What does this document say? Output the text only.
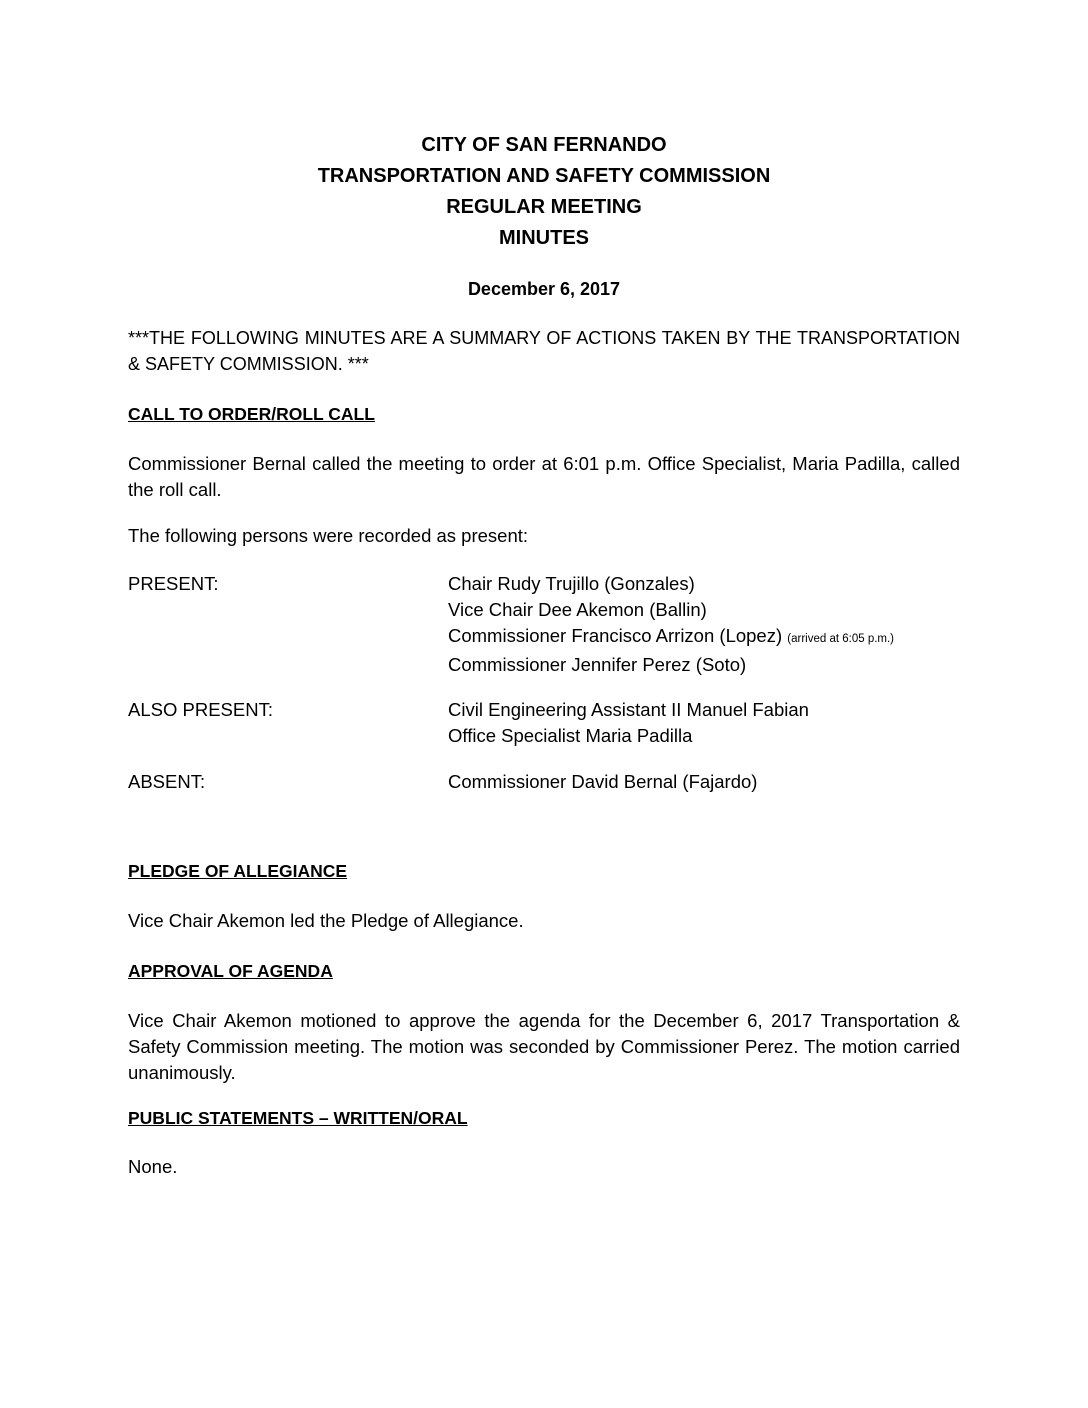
CITY OF SAN FERNANDO
TRANSPORTATION AND SAFETY COMMISSION
REGULAR MEETING
MINUTES
December 6, 2017
***THE FOLLOWING MINUTES ARE A SUMMARY OF ACTIONS TAKEN BY THE TRANSPORTATION & SAFETY COMMISSION. ***
CALL TO ORDER/ROLL CALL
Commissioner Bernal called the meeting to order at 6:01 p.m. Office Specialist, Maria Padilla, called the roll call.
The following persons were recorded as present:
PRESENT:	Chair Rudy Trujillo (Gonzales)
Vice Chair Dee Akemon (Ballin)
Commissioner Francisco Arrizon (Lopez) (arrived at 6:05 p.m.)
Commissioner Jennifer Perez (Soto)
ALSO PRESENT:	Civil Engineering Assistant II Manuel Fabian
Office Specialist Maria Padilla
ABSENT:	Commissioner David Bernal (Fajardo)
PLEDGE OF ALLEGIANCE
Vice Chair Akemon led the Pledge of Allegiance.
APPROVAL OF AGENDA
Vice Chair Akemon motioned to approve the agenda for the December 6, 2017 Transportation & Safety Commission meeting. The motion was seconded by Commissioner Perez. The motion carried unanimously.
PUBLIC STATEMENTS – WRITTEN/ORAL
None.
